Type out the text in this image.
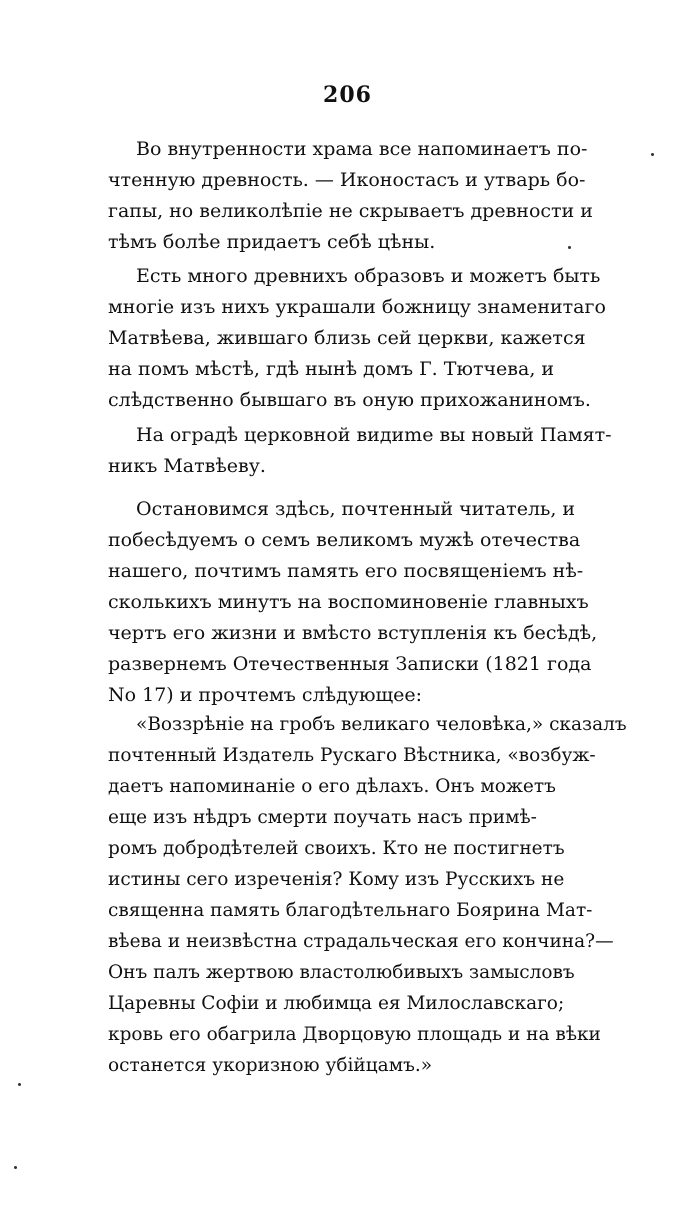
206
Во внутренности храма все напоминаетъ по-
чтенную древность. — Иконостасъ и утварь бо-
гапы, но великолѣпіе не скрываетъ древности и
тѣмъ болѣе придаетъ себѣ цѣны.
Есть много древнихъ образовъ и можетъ быть
многіе изъ нихъ украшали божницу знаменитаго
Матвѣева, жившаго близь сей церкви, кажется
на помъ мѣстѣ, гдѣ нынѣ домъ Г. Тютчева, и
слѣдственно бывшаго въ оную прихожаниномъ.
На оградѣ церковной видиme вы новый Памят-
никъ Матвѣеву.
Остановимся здѣсь, почтенный читатель, и
побесѣдуемъ о семъ великомъ мужѣ отечества
нашего, почтимъ память его посвященіемъ нѣ-
сколькихъ минутъ на воспоминовеніе главныхъ
чертъ его жизни и вмѣсто вступленія къ бесѣдѣ,
развернемъ Отечественныя Записки (1821 года
No 17) и прочтемъ слѣдующее:
«Воззрѣніе на гробъ великаго человѣка,» сказалъ
почтенный Издатель Рускаго Вѣстника, «возбуж-
даетъ напоминаніе о его дѣлахъ. Онъ можетъ
еще изъ нѣдръ смерти поучать насъ примѣ-
ромъ добродѣтелей своихъ. Кто не постигнетъ
истины сего изреченія? Кому изъ Русскихъ не
священна память благодѣтельнаго Боярина Мат-
вѣева и неизвѣстна страдальческая его кончина?—
Онъ палъ жертвою властолюбивыхъ замысловъ
Царевны Софіи и любимца ея Милославскаго;
кровь его обагрила Дворцовую площадь и на вѣки
останется укоризною убійцамъ.»
